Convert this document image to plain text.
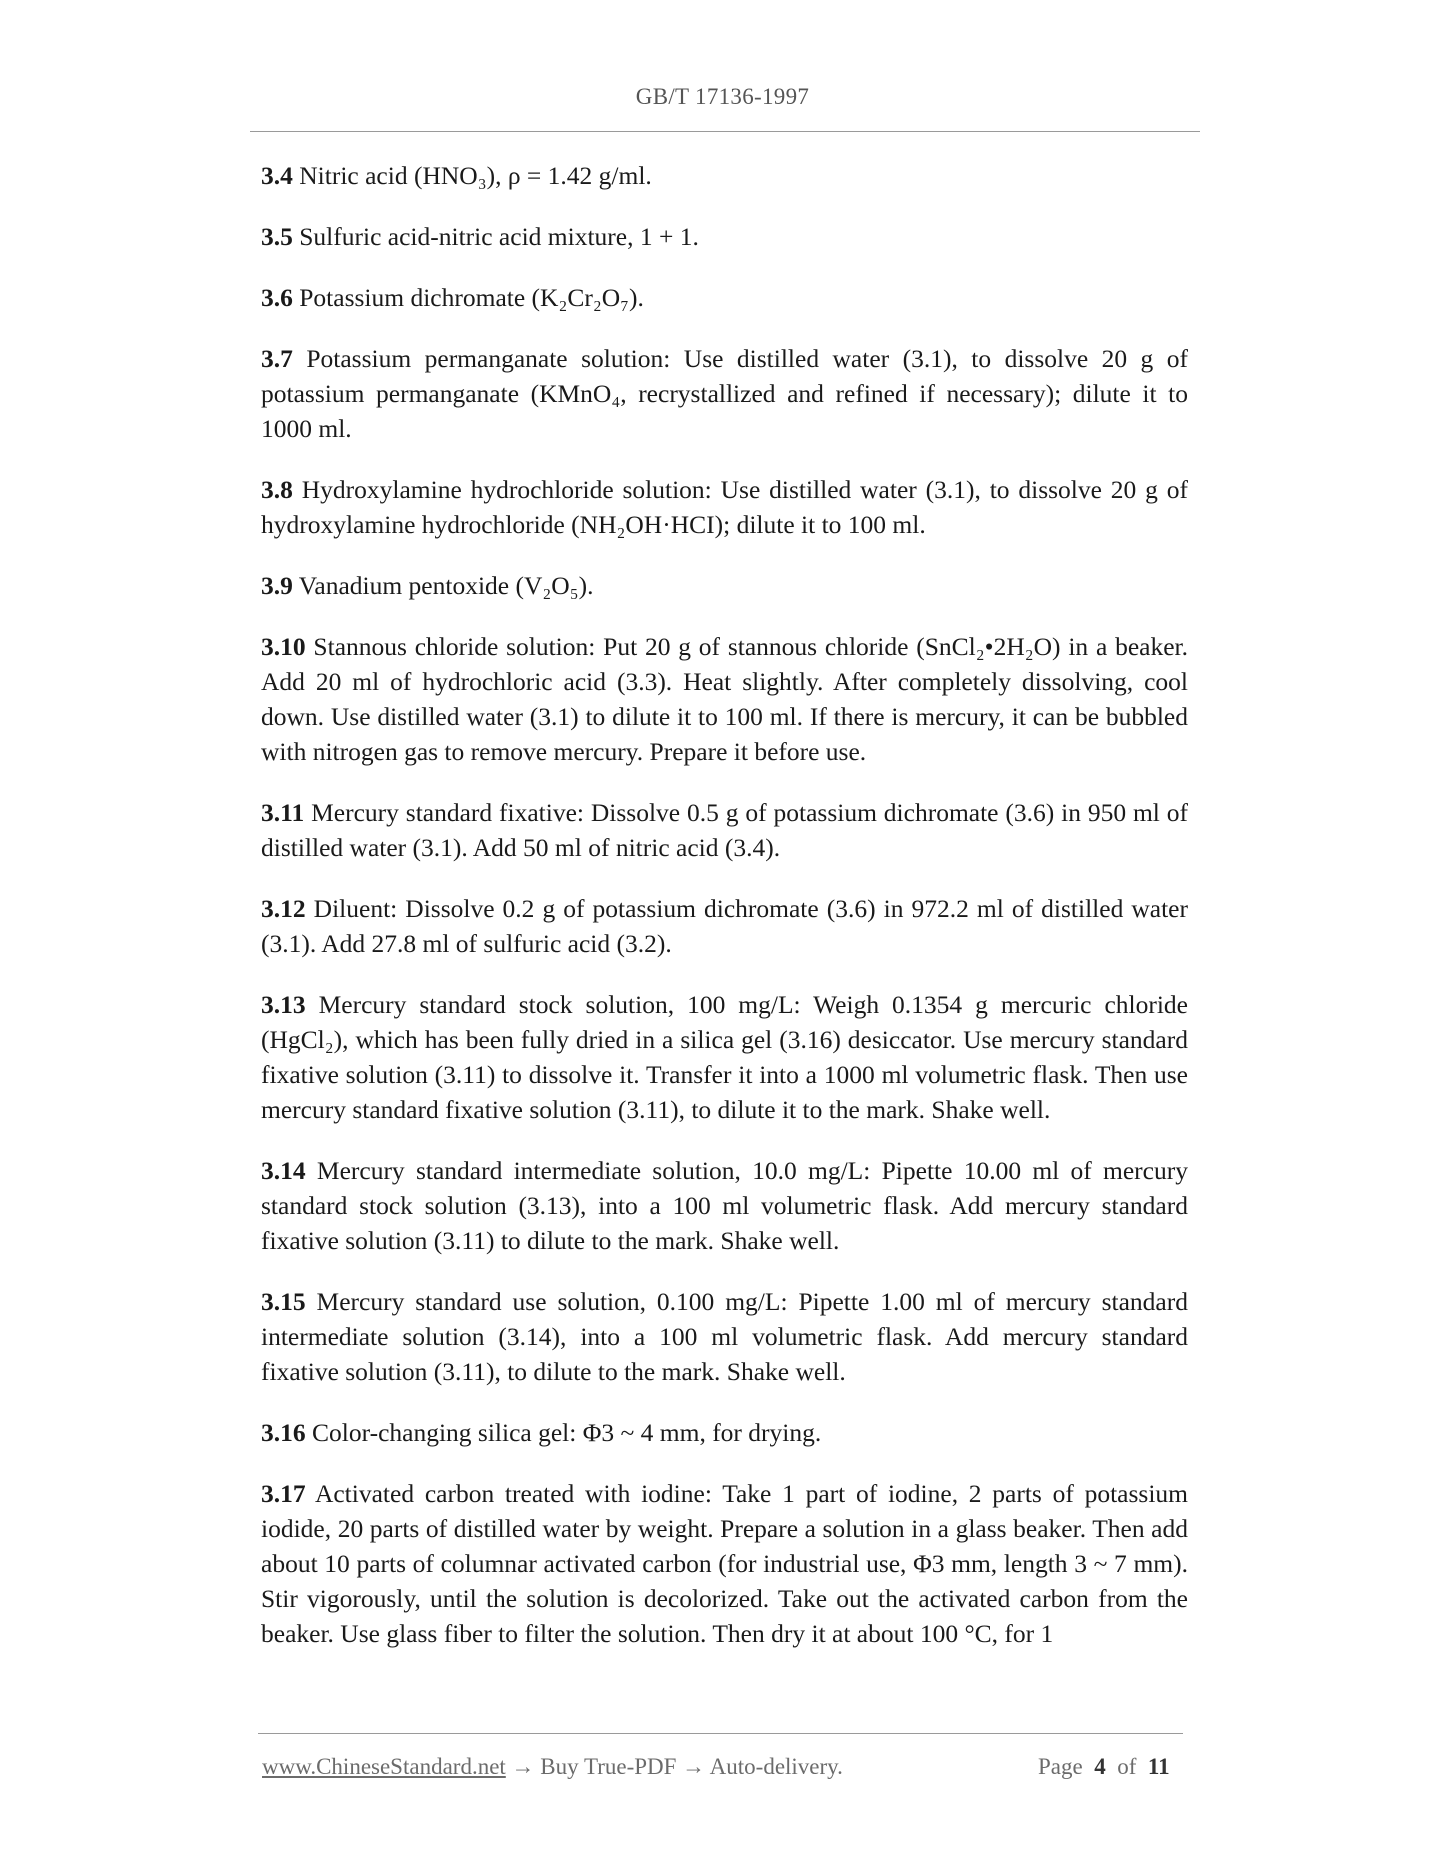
GB/T 17136-1997

3.4 Nitric acid (HNO₃), ρ = 1.42 g/ml.

3.5 Sulfuric acid-nitric acid mixture, 1 + 1.

3.6 Potassium dichromate (K₂Cr₂O₇).

3.7 Potassium permanganate solution: Use distilled water (3.1), to dissolve 20 g of potassium permanganate (KMnO₄, recrystallized and refined if necessary); dilute it to 1000 ml.

3.8 Hydroxylamine hydrochloride solution: Use distilled water (3.1), to dissolve 20 g of hydroxylamine hydrochloride (NH₂OH·HCI); dilute it to 100 ml.

3.9 Vanadium pentoxide (V₂O₅).

3.10 Stannous chloride solution: Put 20 g of stannous chloride (SnCl₂•2H₂O) in a beaker. Add 20 ml of hydrochloric acid (3.3). Heat slightly. After completely dissolving, cool down. Use distilled water (3.1) to dilute it to 100 ml. If there is mercury, it can be bubbled with nitrogen gas to remove mercury. Prepare it before use.

3.11 Mercury standard fixative: Dissolve 0.5 g of potassium dichromate (3.6) in 950 ml of distilled water (3.1). Add 50 ml of nitric acid (3.4).

3.12 Diluent: Dissolve 0.2 g of potassium dichromate (3.6) in 972.2 ml of distilled water (3.1). Add 27.8 ml of sulfuric acid (3.2).

3.13 Mercury standard stock solution, 100 mg/L: Weigh 0.1354 g mercuric chloride (HgCl₂), which has been fully dried in a silica gel (3.16) desiccator. Use mercury standard fixative solution (3.11) to dissolve it. Transfer it into a 1000 ml volumetric flask. Then use mercury standard fixative solution (3.11), to dilute it to the mark. Shake well.

3.14 Mercury standard intermediate solution, 10.0 mg/L: Pipette 10.00 ml of mercury standard stock solution (3.13), into a 100 ml volumetric flask. Add mercury standard fixative solution (3.11) to dilute to the mark. Shake well.

3.15 Mercury standard use solution, 0.100 mg/L: Pipette 1.00 ml of mercury standard intermediate solution (3.14), into a 100 ml volumetric flask. Add mercury standard fixative solution (3.11), to dilute to the mark. Shake well.

3.16 Color-changing silica gel: Φ3 ~ 4 mm, for drying.

3.17 Activated carbon treated with iodine: Take 1 part of iodine, 2 parts of potassium iodide, 20 parts of distilled water by weight. Prepare a solution in a glass beaker. Then add about 10 parts of columnar activated carbon (for industrial use, Φ3 mm, length 3 ~ 7 mm). Stir vigorously, until the solution is decolorized. Take out the activated carbon from the beaker. Use glass fiber to filter the solution. Then dry it at about 100 °C, for 1

www.ChineseStandard.net → Buy True-PDF → Auto-delivery.	Page 4 of 11
